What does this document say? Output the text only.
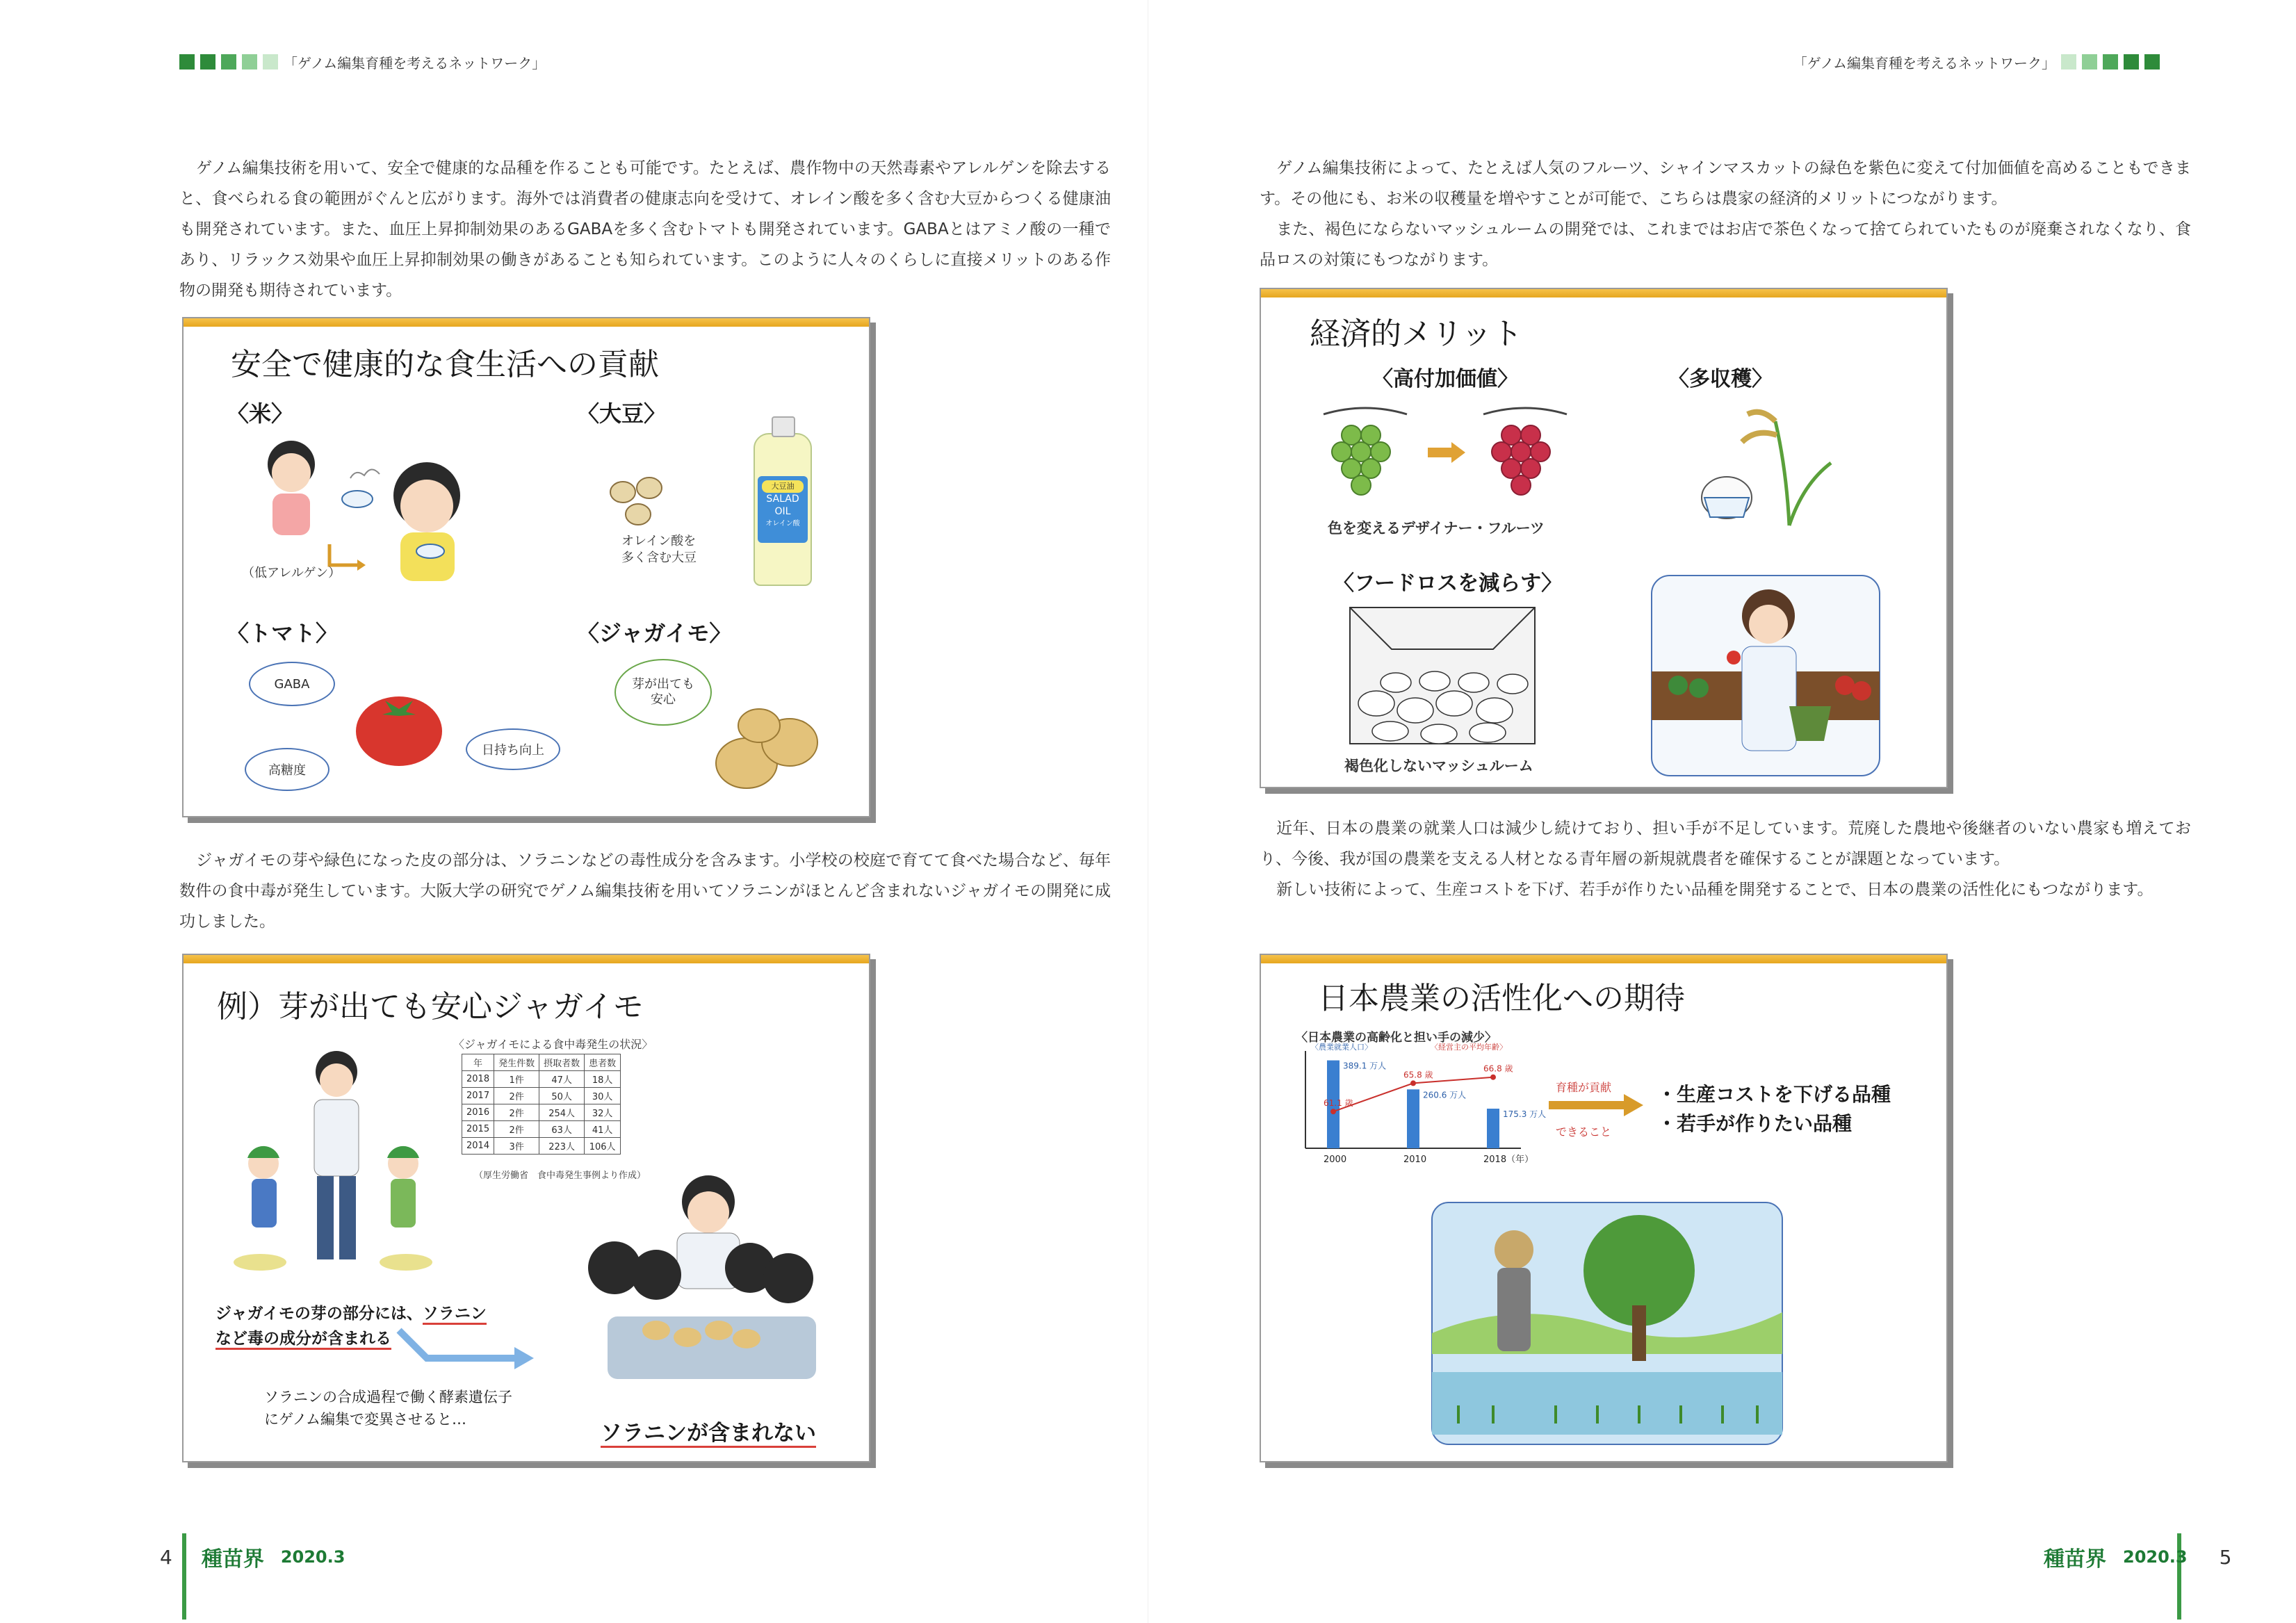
「ゲノム編集育種を考えるネットワーク」

ゲノム編集技術を用いて、安全で健康的な品種を作ることも可能です。たとえば、農作物中の天然毒素やアレルゲンを除去すると、食べられる食の範囲がぐんと広がります。海外では消費者の健康志向を受けて、オレイン酸を多く含む大豆からつくる健康油も開発されています。また、血圧上昇抑制効果のあるGABAを多く含むトマトも開発されています。GABAとはアミノ酸の一種であり、リラックス効果や血圧上昇抑制効果の働きがあることも知られています。このように人々のくらしに直接メリットのある作物の開発も期待されています。

安全で健康的な食生活への貢献
〈米〉
（低アレルゲン）
〈大豆〉
オレイン酸を
多く含む大豆
大豆油
SALAD
OIL
オレイン酸
〈トマト〉
GABA
高糖度
日持ち向上
〈ジャガイモ〉
芽が出ても
安心

ジャガイモの芽や緑色になった皮の部分は、ソラニンなどの毒性成分を含みます。小学校の校庭で育てて食べた場合など、毎年数件の食中毒が発生しています。大阪大学の研究でゲノム編集技術を用いてソラニンがほとんど含まれないジャガイモの開発に成功しました。

例）芽が出ても安心ジャガイモ
〈ジャガイモによる食中毒発生の状況〉
年	発生件数	摂取者数	患者数
2018	1件	47人	18人
2017	2件	50人	30人
2016	2件	254人	32人
2015	2件	63人	41人
2014	3件	223人	106人
（厚生労働省　食中毒発生事例より作成）
ジャガイモの芽の部分には、ソラニン
など毒の成分が含まれる
ソラニンの合成過程で働く酵素遺伝子
にゲノム編集で変異させると…
ソラニンが含まれない
4 種苗界 2020.3
「ゲノム編集育種を考えるネットワーク」

ゲノム編集技術によって、たとえば人気のフルーツ、シャインマスカットの緑色を紫色に変えて付加価値を高めることもできます。その他にも、お米の収穫量を増やすことが可能で、こちらは農家の経済的メリットにつながります。

また、褐色にならないマッシュルームの開発では、これまではお店で茶色くなって捨てられていたものが廃棄されなくなり、食品ロスの対策にもつながります。

経済的メリット
〈高付加価値〉	〈多収穫〉
色を変えるデザイナー・フルーツ
〈フードロスを減らす〉
褐色化しないマッシュルーム

近年、日本の農業の就業人口は減少し続けており、担い手が不足しています。荒廃した農地や後継者のいない農家も増えており、今後、我が国の農業を支える人材となる青年層の新規就農者を確保することが課題となっています。

新しい技術によって、生産コストを下げ、若手が作りたい品種を開発することで、日本の農業の活性化にもつながります。

日本農業の活性化への期待
〈日本農業の高齢化と担い手の減少〉
389.1 万人
260.6 万人
175.3 万人
61.1 歳
65.8 歳
66.8 歳
2000	2010	2018（年）
〈農業就業人口〉	〈経営主の平均年齢〉
育種が貢献
できること
・生産コストを下げる品種
・若手が作りたい品種
種苗界 2020.3 5
